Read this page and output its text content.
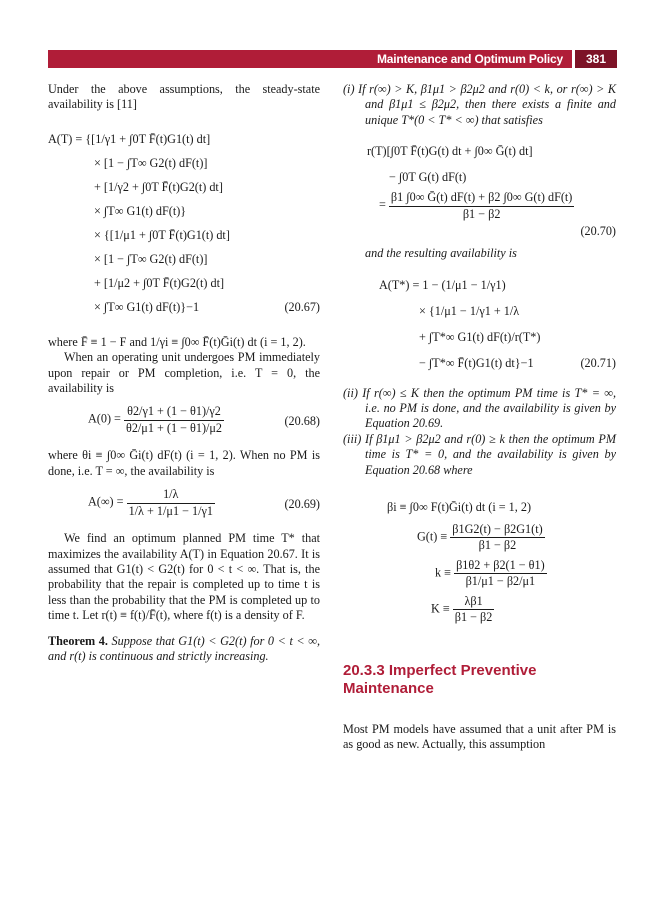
Maintenance and Optimum Policy	381

Under the above assumptions, the steady-state availability is [11]

A(T) = {[1/γ1 + ∫0T F̄(t)G1(t) dt]
× [1 − ∫T∞ G2(t) dF(t)]
+ [1/γ2 + ∫0T F̄(t)G2(t) dt]
× ∫T∞ G1(t) dF(t)}
× {[1/μ1 + ∫0T F̄(t)G1(t) dt]
× [1 − ∫T∞ G2(t) dF(t)]
+ [1/μ2 + ∫0T F̄(t)G2(t) dt]
× ∫T∞ G1(t) dF(t)}−1	(20.67)

where F̄ ≡ 1 − F and 1/γi ≡ ∫0∞ F̄(t)Ḡi(t) dt (i = 1, 2).

When an operating unit undergoes PM immediately upon repair or PM completion, i.e. T = 0, the availability is

$A(0) = \frac{\theta 2/\gamma 1 + (1 - \theta 1)/\gamma 2}{\theta 2/\mu 1 + (1 - \theta 1)/\mu 2}$	(20.68)

where θi ≡ ∫0∞ Ḡi(t) dF(t) (i = 1, 2). When no PM is done, i.e. T = ∞, the availability is

$A(\infty) = \frac{1/\lambda}{1/\lambda + 1/\mu 1 - 1/\gamma 1}$	(20.69)

We find an optimum planned PM time T* that maximizes the availability A(T) in Equation 20.67. It is assumed that G1(t) < G2(t) for 0 < t < ∞. That is, the probability that the repair is completed up to time t is less than the probability that the PM is completed up to time t. Let r(t) ≡ f(t)/F̄(t), where f(t) is a density of F.

Theorem 4. Suppose that G1(t) < G2(t) for 0 < t < ∞, and r(t) is continuous and strictly increasing.

(i) If r(∞) > K, β1μ1 > β2μ2 and r(0) < k, or r(∞) > K and β1μ1 ≤ β2μ2, then there exists a finite and unique T*(0 < T* < ∞) that satisfies

r(T)[∫0T F̄(t)G(t) dt + ∫0∞ Ḡ(t) dt]
− ∫0T G(t) dF(t)
= $\frac{\text{β1 ∫0∞ Ḡ(t) dF(t) + β2 ∫0∞ G(t) dF(t)}}{\beta 1 - \beta 2}$
(20.70)

and the resulting availability is

A(T*) = 1 − (1/μ1 − 1/γ1)
× {1/μ1 − 1/γ1 + 1/λ
+ ∫T*∞ G1(t) dF(t)/r(T*)
− ∫T*∞ F̄(t)G1(t) dt}−1	(20.71)

(ii) If r(∞) ≤ K then the optimum PM time is T* = ∞, i.e. no PM is done, and the availability is given by Equation 20.69.

(iii) If β1μ1 > β2μ2 and r(0) ≥ k then the optimum PM time is T* = 0, and the availability is given by Equation 20.68 where

βi ≡ ∫0∞ F(t)Ḡi(t) dt (i = 1, 2)
$G(t) \equiv \frac{\beta 1G2(t) - \beta 2G1(t)}{\beta 1 - \beta 2}$
$k \equiv \frac{\beta 1\theta 2 + \beta 2(1 - \theta 1)}{\beta 1/\mu 1 - \beta 2/\mu 1}$
$K \equiv \frac{\lambda\beta 1}{\beta 1 - \beta 2}$
20.3.3 Imperfect Preventive Maintenance

Most PM models have assumed that a unit after PM is as good as new. Actually, this assumption
